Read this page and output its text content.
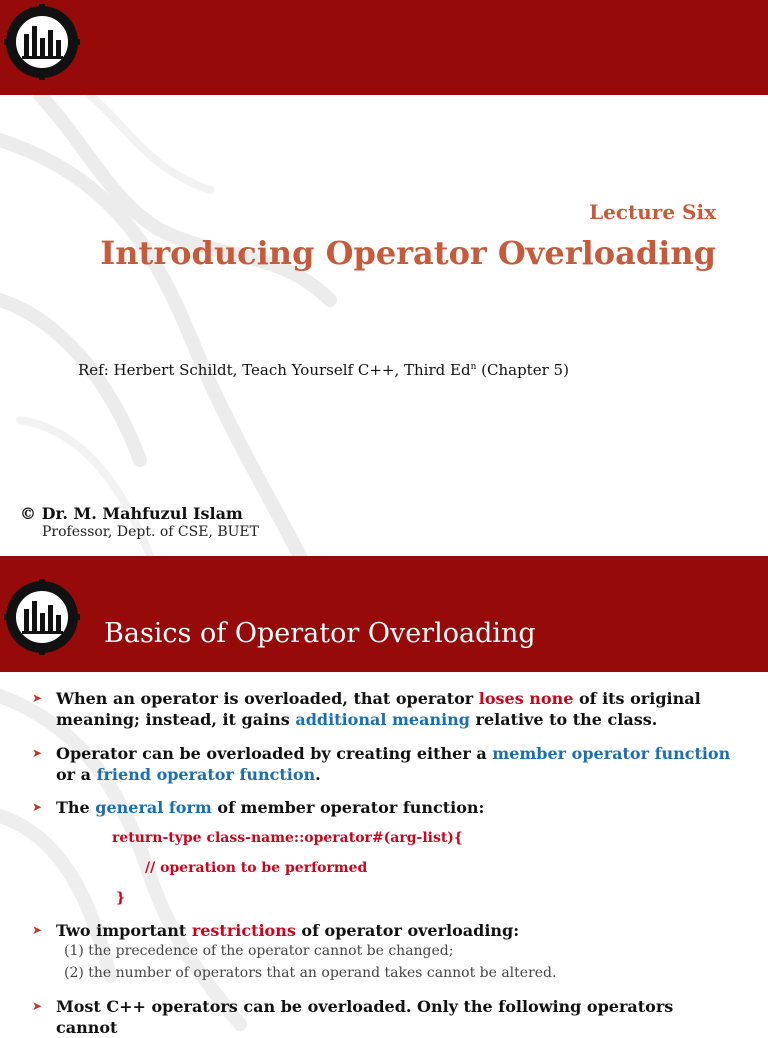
Lecture Six
Introducing Operator Overloading
Ref: Herbert Schildt, Teach Yourself C++, Third Ed$^n$ (Chapter 5)
© Dr. M. Mahfuzul Islam
Professor, Dept. of CSE, BUET
Basics of Operator Overloading
➤ When an operator is overloaded, that operator loses none of its original meaning; instead, it gains additional meaning relative to the class.
➤ Operator can be overloaded by creating either a member operator function or a friend operator function.
➤ The general form of member operator function:
return-type class-name::operator#(arg-list){
// operation to be performed
}
➤ Two important restrictions of operator overloading:
(1) the precedence of the operator cannot be changed;
(2) the number of operators that an operand takes cannot be altered.
➤ Most C++ operators can be overloaded. Only the following operators cannot
